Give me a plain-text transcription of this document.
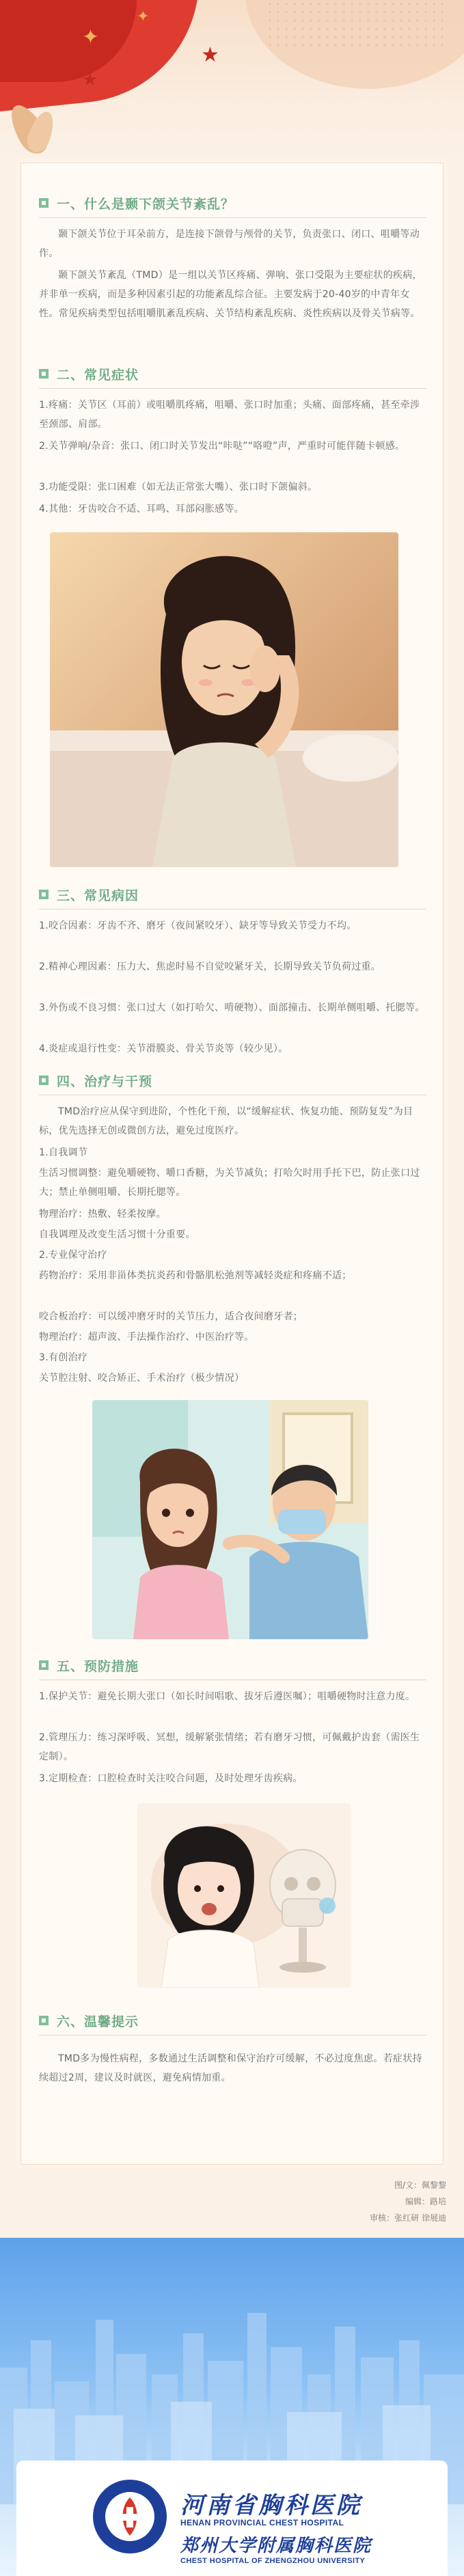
✦
✦
★
★
★
一、什么是颞下颌关节紊乱？

颞下颌关节位于耳朵前方，是连接下颌骨与颅骨的关节，负责张口、闭口、咀嚼等动作。

颞下颌关节紊乱（TMD）是一组以关节区疼痛、弹响、张口受限为主要症状的疾病，并非单一疾病，而是多种因素引起的功能紊乱综合征。主要发病于20-40岁的中青年女性。常见疾病类型包括咀嚼肌紊乱疾病、关节结构紊乱疾病、炎性疾病以及骨关节病等。

二、常见症状

1.疼痛：关节区（耳前）或咀嚼肌疼痛，咀嚼、张口时加重；头痛、面部疼痛，甚至牵涉至颈部、肩部。

2.关节弹响/杂音：张口、闭口时关节发出“咔哒”“咯噔”声，严重时可能伴随卡顿感。

3.功能受限：张口困难（如无法正常张大嘴）、张口时下颌偏斜。

4.其他：牙齿咬合不适、耳鸣、耳部闷胀感等。

三、常见病因

1.咬合因素：牙齿不齐、磨牙（夜间紧咬牙）、缺牙等导致关节受力不均。

2.精神心理因素：压力大、焦虑时易不自觉咬紧牙关，长期导致关节负荷过重。

3.外伤或不良习惯：张口过大（如打哈欠、啃硬物）、面部撞击、长期单侧咀嚼、托腮等。

4.炎症或退行性变：关节滑膜炎、骨关节炎等（较少见）。

四、治疗与干预

TMD治疗应从保守到进阶，个性化干预，以“缓解症状、恢复功能、预防复发”为目标，优先选择无创或微创方法，避免过度医疗。

1.自我调节

生活习惯调整：避免嚼硬物、嚼口香糖，为关节减负；打哈欠时用手托下巴，防止张口过大；禁止单侧咀嚼、长期托腮等。

物理治疗：热敷、轻柔按摩。

自我调理及改变生活习惯十分重要。

2.专业保守治疗

药物治疗：采用非甾体类抗炎药和骨骼肌松弛剂等减轻炎症和疼痛不适；

咬合板治疗：可以缓冲磨牙时的关节压力，适合夜间磨牙者；

物理治疗：超声波、手法操作治疗、中医治疗等。

3.有创治疗

关节腔注射、咬合矫正、手术治疗（极少情况）

五、预防措施

1.保护关节：避免长期大张口（如长时间唱歌、拔牙后遵医嘱）；咀嚼硬物时注意力度。

2.管理压力：练习深呼吸、冥想，缓解紧张情绪；若有磨牙习惯，可佩戴护齿套（需医生定制）。

3.定期检查：口腔检查时关注咬合问题，及时处理牙齿疾病。

六、温馨提示

TMD多为慢性病程，多数通过生活调整和保守治疗可缓解，不必过度焦虑。若症状持续超过2周，建议及时就医，避免病情加重。

图/文：佩黎黎
编辑：路培
审核：张红研 徐展迪
河南省胸科医院
HENAN PROVINCIAL CHEST HOSPITAL
郑州大学附属胸科医院
CHEST HOSPITAL OF ZHENGZHOU UNIVERSITY
